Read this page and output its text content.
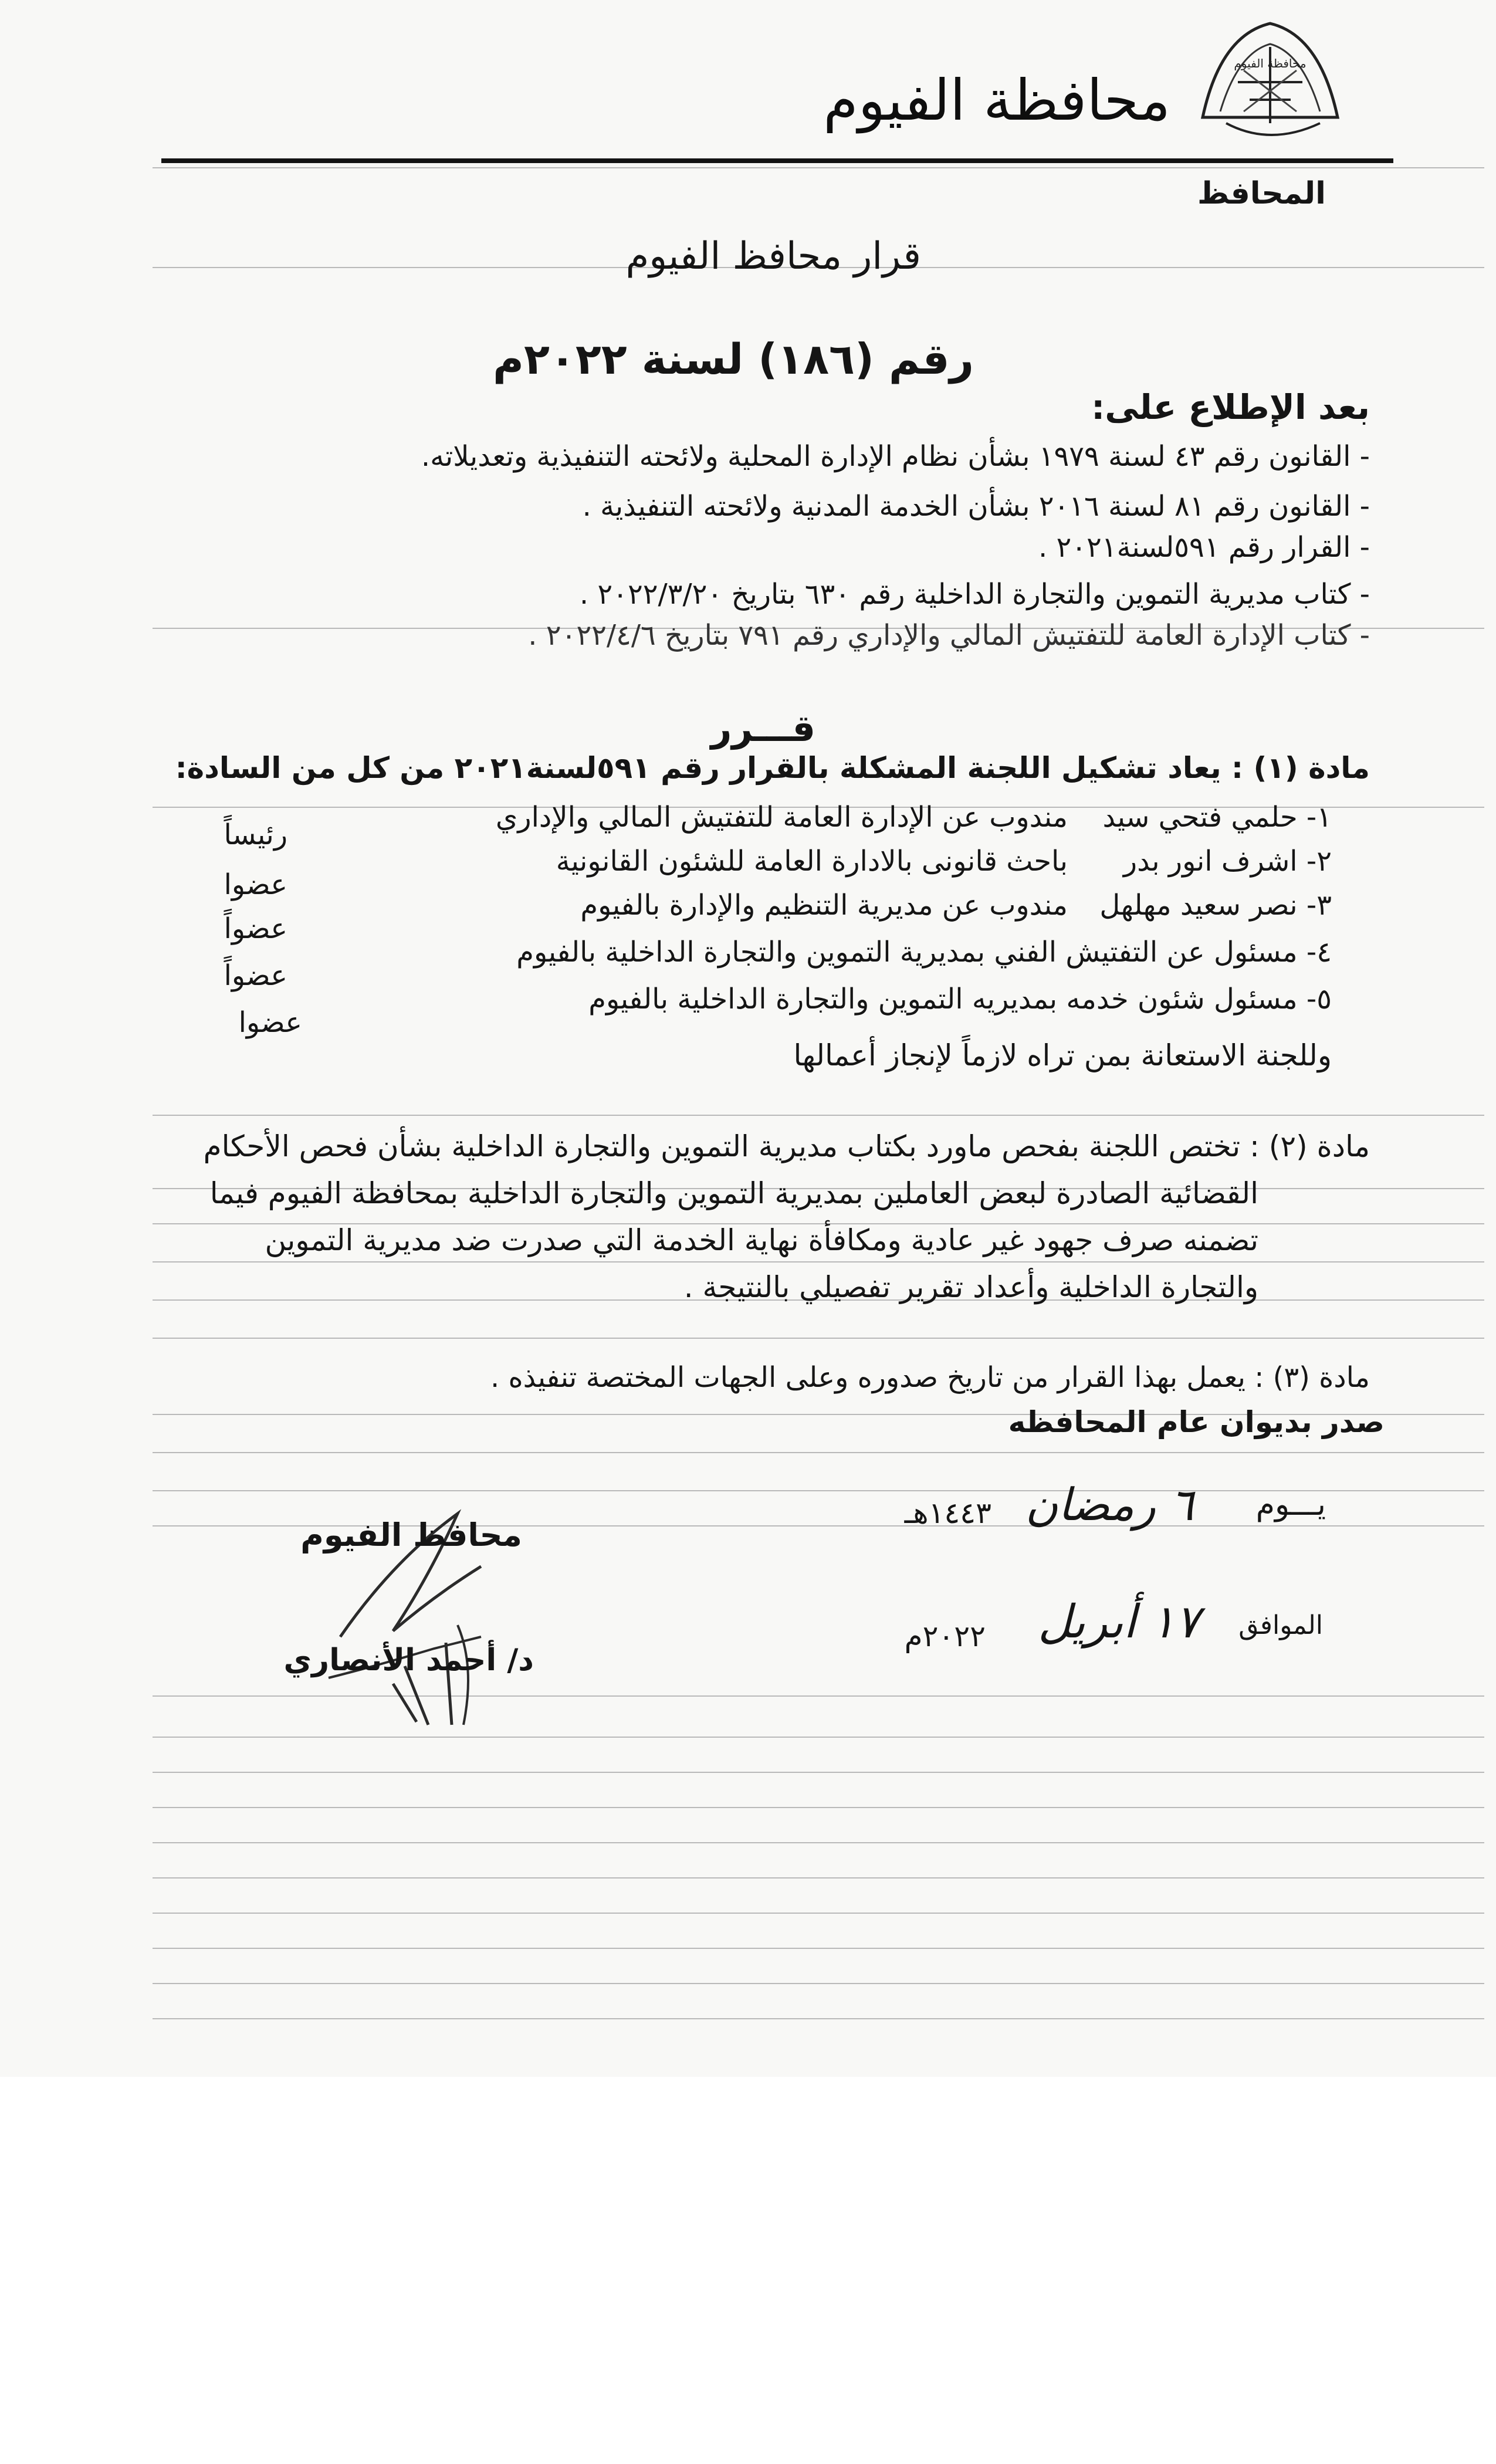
محافظة الفيوم
محافظة الفيوم
المحافظ
قرار محافظ الفيوم
رقم (١٨٦) لسنة ٢٠٢٢م
بعد الإطلاع على:
- القانون رقم ٤٣ لسنة ١٩٧٩ بشأن نظام الإدارة المحلية ولائحته التنفيذية وتعديلاته.
- القانون رقم ٨١ لسنة ٢٠١٦ بشأن الخدمة المدنية ولائحته التنفيذية .
- القرار رقم ٥٩١لسنة٢٠٢١ .
- كتاب مديرية التموين والتجارة الداخلية رقم ٦٣٠ بتاريخ ٢٠٢٢/٣/٢٠ .
- كتاب الإدارة العامة للتفتيش المالي والإداري رقم ٧٩١ بتاريخ ٢٠٢٢/٤/٦ .
قـــرر
مادة (١) : يعاد تشكيل اللجنة المشكلة بالقرار رقم ٥٩١لسنة٢٠٢١ من كل من السادة:
١- حلمي فتحي سيد
مندوب عن الإدارة العامة للتفتيش المالي والإداري
رئيساً
٢- اشرف انور بدر
باحث قانونى بالادارة العامة للشئون القانونية
عضوا
٣- نصر سعيد مهلهل
مندوب عن مديرية التنظيم والإدارة بالفيوم
عضواً
٤- مسئول عن التفتيش الفني بمديرية التموين والتجارة الداخلية بالفيوم
عضواً
٥- مسئول شئون خدمه بمديريه التموين والتجارة الداخلية بالفيوم
عضوا
وللجنة الاستعانة بمن تراه لازماً لإنجاز أعمالها
مادة (٢) : تختص اللجنة بفحص ماورد بكتاب مديرية التموين والتجارة الداخلية بشأن فحص الأحكام
القضائية الصادرة لبعض العاملين بمديرية التموين والتجارة الداخلية بمحافظة الفيوم فيما
تضمنه صرف جهود غير عادية ومكافأة نهاية الخدمة التي صدرت ضد مديرية التموين
والتجارة الداخلية وأعداد تقرير تفصيلي بالنتيجة .
مادة (٣) : يعمل بهذا القرار من تاريخ صدوره وعلى الجهات المختصة تنفيذه .
صدر بديوان عام المحافظه
يـــوم
٦ رمضان
١٤٤٣هـ
الموافق
١٧ أبريل
٢٠٢٢م
محافظ الفيوم
د/ أحمد الأنصاري
